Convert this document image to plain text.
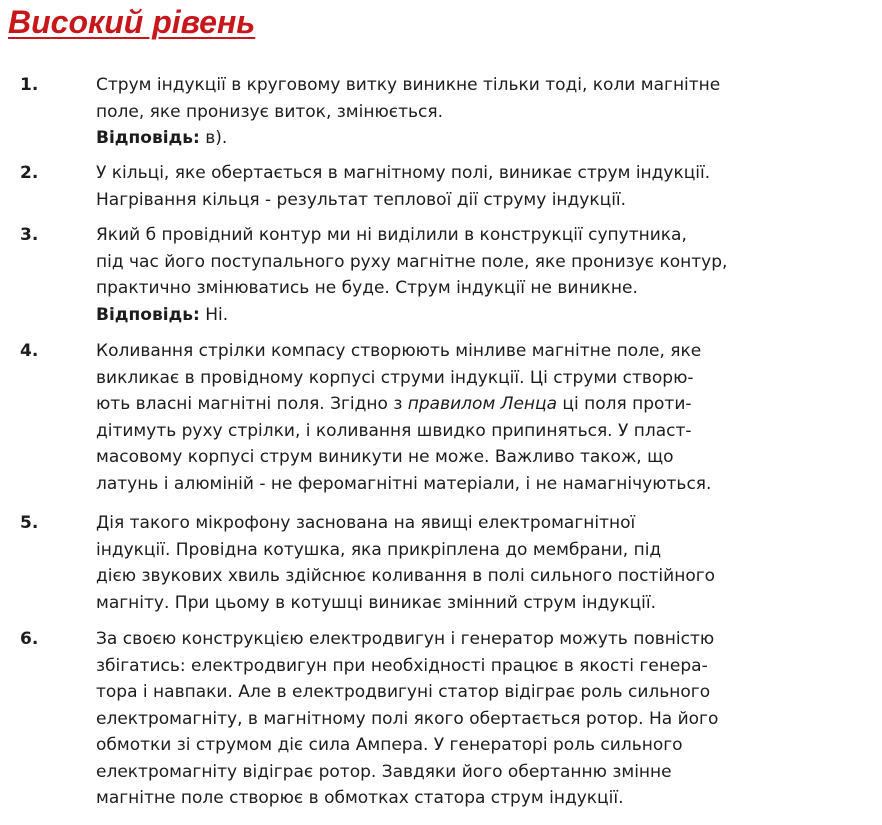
Високий рівень
1.	Струм індукції в круговому витку виникне тільки тоді, коли магнітне
поле, яке пронизує виток, змінюється.
Відповідь: в).
2.	У кільці, яке обертається в магнітному полі, виникає струм індукції.
Нагрівання кільця - результат теплової дії струму індукції.
3.	Який б провідний контур ми ні виділили в конструкції супутника,
під час його поступального руху магнітне поле, яке пронизує контур,
практично змінюватись не буде. Струм індукції не виникне.
Відповідь: Ні.
4.	Коливання стрілки компасу створюють мінливе магнітне поле, яке
викликає в провідному корпусі струми індукції. Ці струми створю-
ють власні магнітні поля. Згідно з правилом Ленца ці поля проти-
дітимуть руху стрілки, і коливання швидко припиняться. У пласт-
масовому корпусі струм виникути не може. Важливо також, що
латунь і алюміній - не феромагнітні матеріали, і не намагнічуються.
5.	Дія такого мікрофону заснована на явищі електромагнітної
індукції. Провідна котушка, яка прикріплена до мембрани, під
дією звукових хвиль здійснює коливання в полі сильного постійного
магніту. При цьому в котушці виникає змінний струм індукції.
6.	За своєю конструкцією електродвигун і генератор можуть повністю
збігатись: електродвигун при необхідності працює в якості генера-
тора і навпаки. Але в електродвигуні статор відіграє роль сильного
електромагніту, в магнітному полі якого обертається ротор. На його
обмотки зі струмом діє сила Ампера. У генераторі роль сильного
електромагніту відіграє ротор. Завдяки його обертанню змінне
магнітне поле створює в обмотках статора струм індукції.
